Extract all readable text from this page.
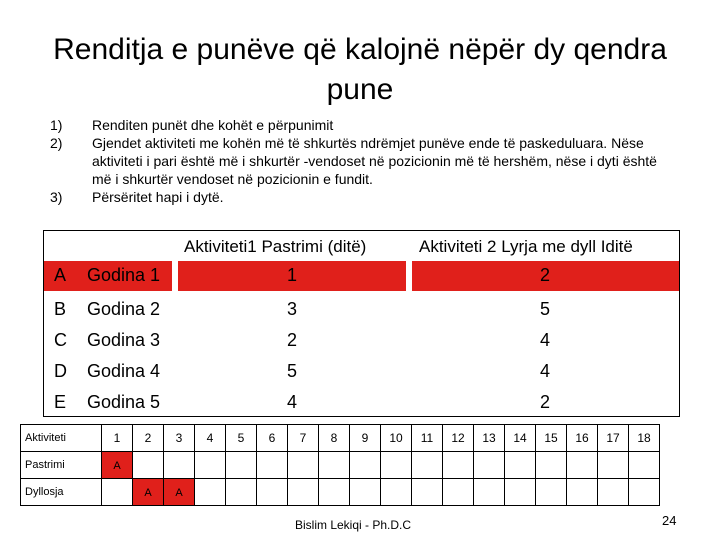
Renditja e punëve që kalojnë nëpër dy qendra pune
1) Renditen punët dhe kohët e përpunimit
2) Gjendet aktiviteti me kohën më të shkurtës ndrëmjet punëve ende të paskeduluara. Nëse aktiviteti i pari është më i shkurtër -vendoset në pozicionin më të hershëm, nëse i dyti është më i shkurtër vendoset në pozicionin e fundit.
3) Përsëritet hapi i dytë.
Aktiviteti1 Pastrimi (ditë)	Aktiviteti 2 Lyrja me dyll Iditë
A Godina 1	1	2
B Godina 2	3	5
C Godina 3	2	4
D Godina 4	5	4
E Godina 5	4	2
Aktiviteti	1	2	3	4	5	6	7	8	9	10	11	12	13	14	15	16	17	18
Pastrimi	A																	
Dyllosja		A	A															
Bislim Lekiqi - Ph.D.C	24
